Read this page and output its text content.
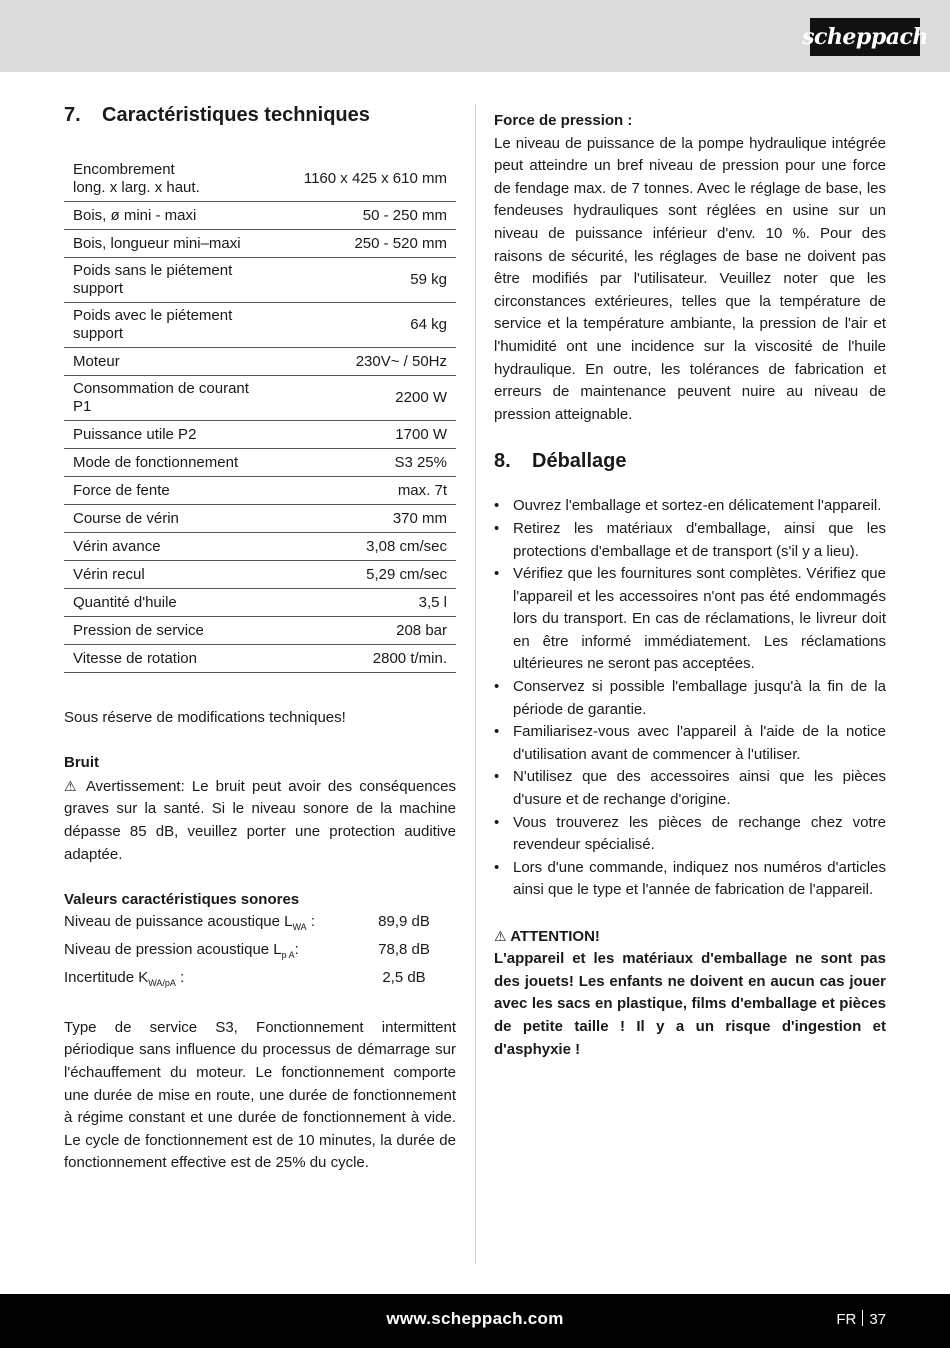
scheppach
7.	Caractéristiques techniques
Encombrement
long. x larg. x haut.	1160 x 425 x 610 mm
Bois, ø mini - maxi	50 - 250 mm
Bois, longueur mini–maxi	250 - 520 mm
Poids sans le piétement
support	59 kg
Poids avec le piétement
support	64 kg
Moteur	230V~ / 50Hz
Consommation de courant
P1	2200 W
Puissance utile P2	1700 W
Mode de fonctionnement	S3 25%
Force de fente	max. 7t
Course de vérin	370 mm
Vérin avance	3,08 cm/sec
Vérin recul	5,29 cm/sec
Quantité d'huile	3,5 l
Pression de service	208 bar
Vitesse de rotation	2800 t/min.

Sous réserve de modifications techniques!

Bruit

⚠ Avertissement: Le bruit peut avoir des conséquences graves sur la santé. Si le niveau sonore de la machine dépasse 85 dB, veuillez porter une protection auditive adaptée.

Valeurs caractéristiques sonores

Niveau de puissance acoustique $L_{WA}$ :	89,9 dB
Niveau de pression acoustique $L_{p A}$:	78,8 dB
Incertitude $K_{WA/pA}$ :	2,5 dB

Type de service S3, Fonctionnement intermittent périodique sans influence du processus de démarrage sur l'échauffement du moteur. Le fonctionnement comporte une durée de mise en route, une durée de fonctionnement à régime constant et une durée de fonctionnement à vide. Le cycle de fonctionnement est de 10 minutes, la durée de fonctionnement effective est de 25% du cycle.

Force de pression :

Le niveau de puissance de la pompe hydraulique intégrée peut atteindre un bref niveau de pression pour une force de fendage max. de 7 tonnes. Avec le réglage de base, les fendeuses hydrauliques sont réglées en usine sur un niveau de puissance inférieur d'env. 10 %. Pour des raisons de sécurité, les réglages de base ne doivent pas être modifiés par l'utilisateur. Veuillez noter que les circonstances extérieures, telles que la température de service et la température ambiante, la pression de l'air et l'humidité ont une incidence sur la viscosité de l'huile hydraulique. En outre, les tolérances de fabrication et erreurs de maintenance peuvent nuire au niveau de pression atteignable.

8.	Déballage
• Ouvrez l'emballage et sortez-en délicatement l'appareil.
• Retirez les matériaux d'emballage, ainsi que les protections d'emballage et de transport (s'il y a lieu).
• Vérifiez que les fournitures sont complètes. Vérifiez que l'appareil et les accessoires n'ont pas été endommagés lors du transport. En cas de réclamations, le livreur doit en être informé immédiatement. Les réclamations ultérieures ne seront pas acceptées.
• Conservez si possible l'emballage jusqu'à la fin de la période de garantie.
• Familiarisez-vous avec l'appareil à l'aide de la notice d'utilisation avant de commencer à l'utiliser.
• N'utilisez que des accessoires ainsi que les pièces d'usure et de rechange d'origine.
• Vous trouverez les pièces de rechange chez votre revendeur spécialisé.
• Lors d'une commande, indiquez nos numéros d'articles ainsi que le type et l'année de fabrication de l'appareil.

⚠ ATTENTION!

L'appareil et les matériaux d'emballage ne sont pas des jouets! Les enfants ne doivent en aucun cas jouer avec les sacs en plastique, films d'emballage et pièces de petite taille ! Il y a un risque d'ingestion et d'asphyxie !

www.scheppach.com	FR 37
